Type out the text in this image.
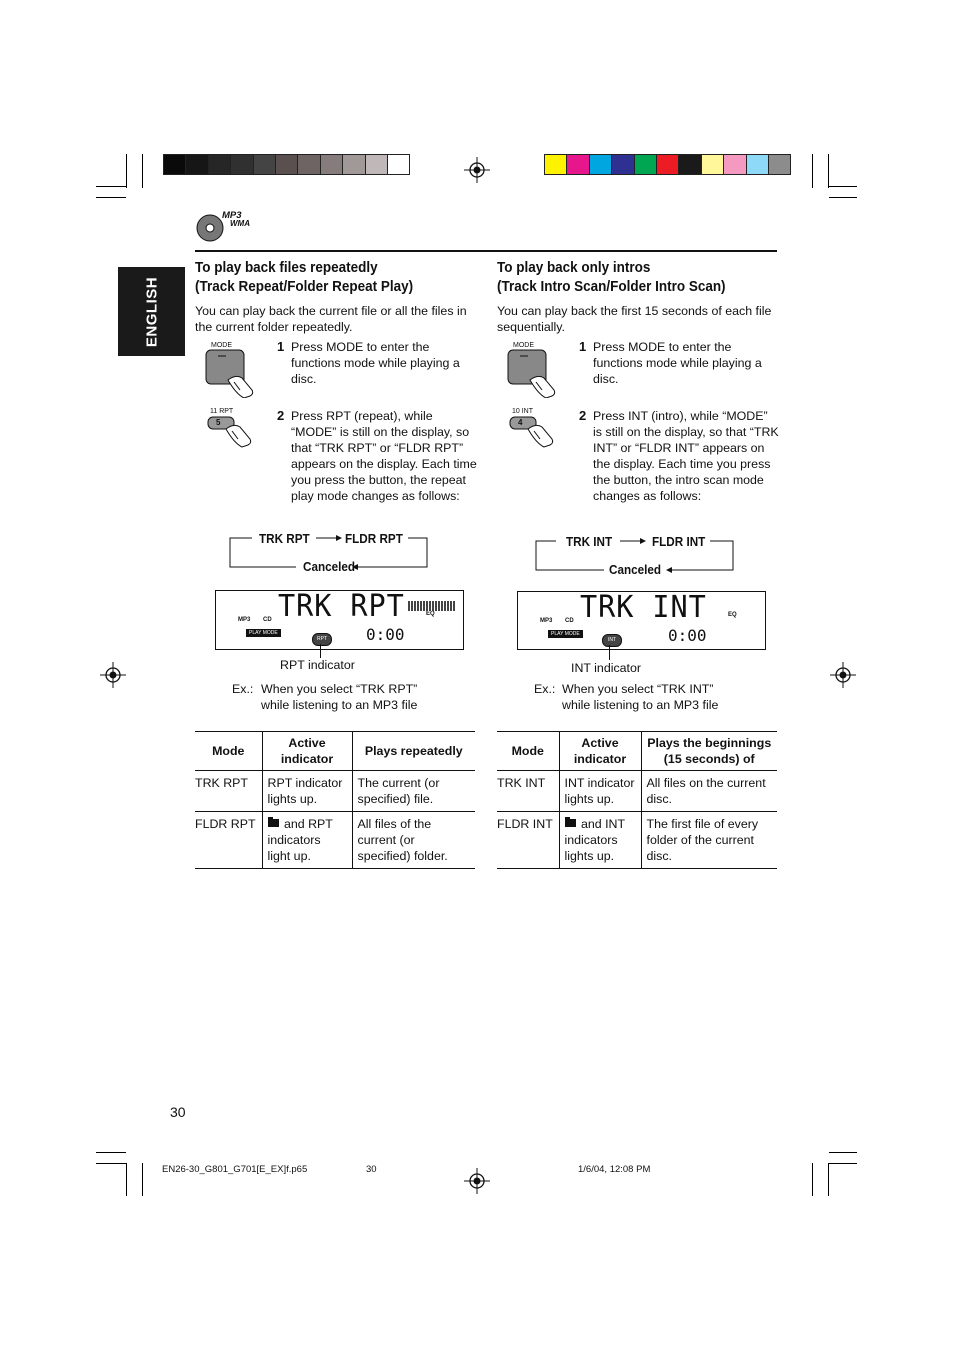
MP3
WMA
ENGLISH
To play back files repeatedly
(Track Repeat/Folder Repeat Play)
You can play back the current file or all the files in the current folder repeatedly.
MODE	1 Press MODE to enter the functions mode while playing a disc.
11 RPT
5	2 Press RPT (repeat), while “MODE” is still on the display, so that “TRK RPT” or “FLDR RPT” appears on the display. Each time you press the button, the repeat play mode changes as follows:
TRK RPT	FLDR RPT
Canceled
TRK RPT
0:00
MP3 CD
PLAY MODE
EQ
RPT
RPT indicator
Ex.: When you select “TRK RPT”
while listening to an MP3 file
Mode	Active indicator	Plays repeatedly
TRK RPT	RPT indicator lights up.	The current (or specified) file.
FLDR RPT	and RPT indicators light up.	All files of the current (or specified) folder.
To play back only intros
(Track Intro Scan/Folder Intro Scan)
You can play back the first 15 seconds of each file sequentially.
MODE	1 Press MODE to enter the functions mode while playing a disc.
10 INT
4	2 Press INT (intro), while “MODE” is still on the display, so that “TRK INT” or “FLDR INT” appears on the display. Each time you press the button, the intro scan mode changes as follows:
TRK INT	FLDR INT
Canceled
TRK INT
0:00
MP3 CD
PLAY MODE
EQ
INT
INT indicator
Ex.: When you select “TRK INT”
while listening to an MP3 file
Mode	Active indicator	Plays the beginnings (15 seconds) of
TRK INT	INT indicator lights up.	All files on the current disc.
FLDR INT	and INT indicators lights up.	The first file of every folder of the current disc.
30
EN26-30_G801_G701[E_EX]f.p65	30	1/6/04, 12:08 PM
